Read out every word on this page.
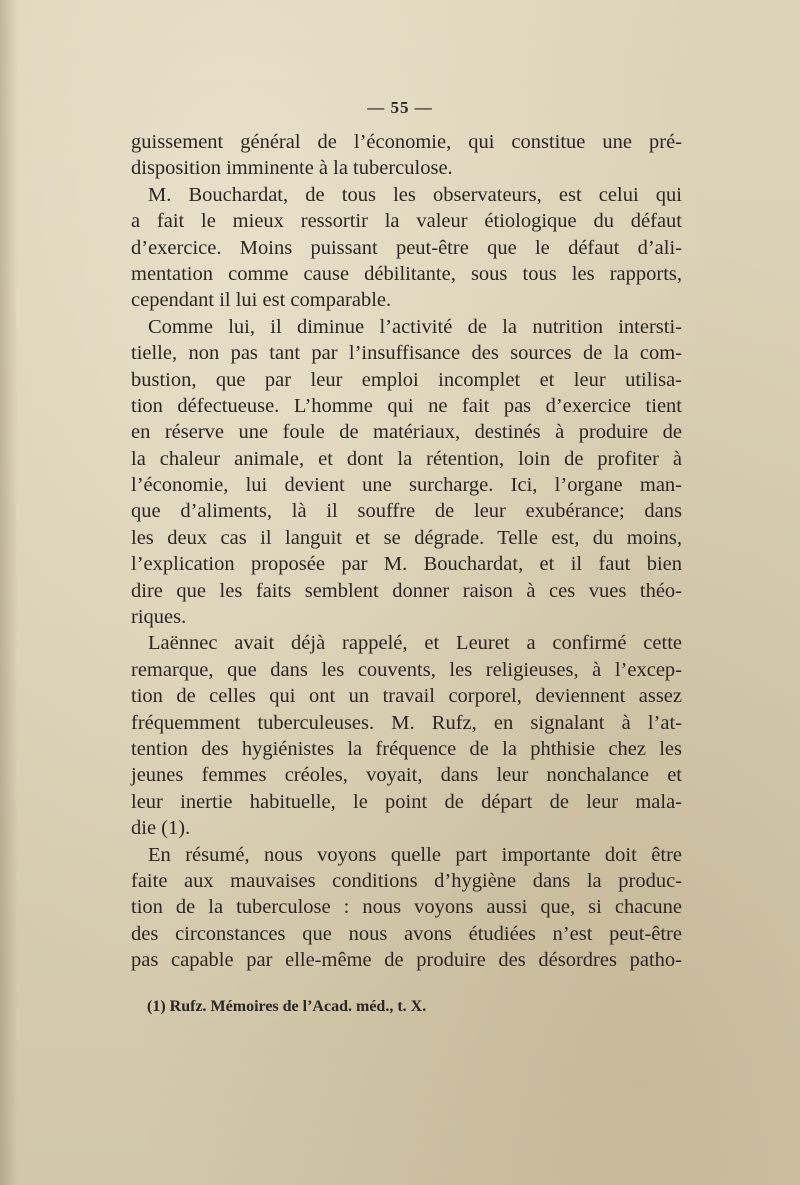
— 55 —
guissement général de l’économie, qui constitue une pré-
disposition imminente à la tuberculose.
M. Bouchardat, de tous les observateurs, est celui qui
a fait le mieux ressortir la valeur étiologique du défaut
d’exercice. Moins puissant peut-être que le défaut d’ali-
mentation comme cause débilitante, sous tous les rapports,
cependant il lui est comparable.
Comme lui, il diminue l’activité de la nutrition intersti-
tielle, non pas tant par l’insuffisance des sources de la com-
bustion, que par leur emploi incomplet et leur utilisa-
tion défectueuse. L’homme qui ne fait pas d’exercice tient
en réserve une foule de matériaux, destinés à produire de
la chaleur animale, et dont la rétention, loin de profiter à
l’économie, lui devient une surcharge. Ici, l’organe man-
que d’aliments, là il souffre de leur exubérance; dans
les deux cas il languit et se dégrade. Telle est, du moins,
l’explication proposée par M. Bouchardat, et il faut bien
dire que les faits semblent donner raison à ces vues théo-
riques.
Laënnec avait déjà rappelé, et Leuret a confirmé cette
remarque, que dans les couvents, les religieuses, à l’excep-
tion de celles qui ont un travail corporel, deviennent assez
fréquemment tuberculeuses. M. Rufz, en signalant à l’at-
tention des hygiénistes la fréquence de la phthisie chez les
jeunes femmes créoles, voyait, dans leur nonchalance et
leur inertie habituelle, le point de départ de leur mala-
die (1).
En résumé, nous voyons quelle part importante doit être
faite aux mauvaises conditions d’hygiène dans la produc-
tion de la tuberculose : nous voyons aussi que, si chacune
des circonstances que nous avons étudiées n’est peut-être
pas capable par elle-même de produire des désordres patho-
(1) Rufz. Mémoires de l’Acad. méd., t. X.
